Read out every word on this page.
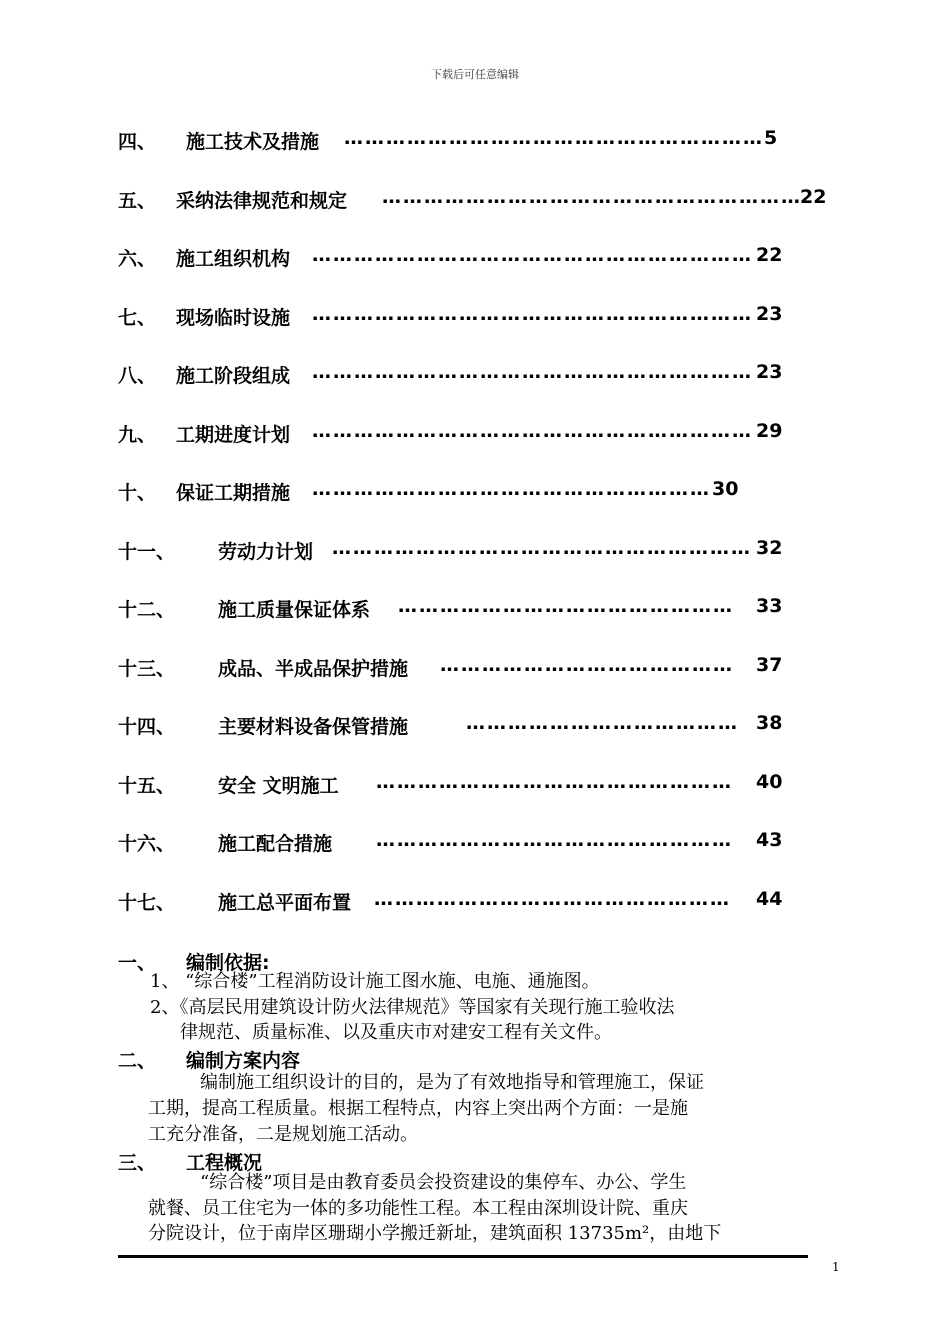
下载后可任意编辑
四、 施工技术及措施 …………………………………………………… 5
五、 采纳法律规范和规定 ……………………………………………………
22
六、 施工组织机构 ……………………………………………………… 22
七、 现场临时设施 ……………………………………………………… 23
八、 施工阶段组成 ……………………………………………………… 23
九、 工期进度计划 ……………………………………………………… 29
十、 保证工期措施 ………………………………………………… 30
十一、 劳动力计划 …………………………………………………… 32
十二、 施工质量保证体系 ………………………………………… 33
十三、 成品、半成品保护措施 …………………………………… 37
十四、 主要材料设备保管措施	………………………………… 38
十五、 安全 文明施工 …………………………………………… 40
十六、 施工配合措施 …………………………………………… 43
十七、 施工总平面布置 …………………………………………… 44
一、 编制依据:
1、 “综合楼”工程消防设计施工图水施、电施、通施图。
2、《高层民用建筑设计防火法律规范》等国家有关现行施工验收法
律规范、质量标准、以及重庆市对建安工程有关文件。
二、 编制方案内容
编制施工组织设计的目的，是为了有效地指导和管理施工，保证
工期，提高工程质量。根据工程特点，内容上突出两个方面：一是施
工充分准备，二是规划施工活动。
三、 工程概况
“综合楼”项目是由教育委员会投资建设的集停车、办公、学生
就餐、员工住宅为一体的多功能性工程。本工程由深圳设计院、重庆
分院设计，位于南岸区珊瑚小学搬迁新址，建筑面积 13735m²，由地下
1
